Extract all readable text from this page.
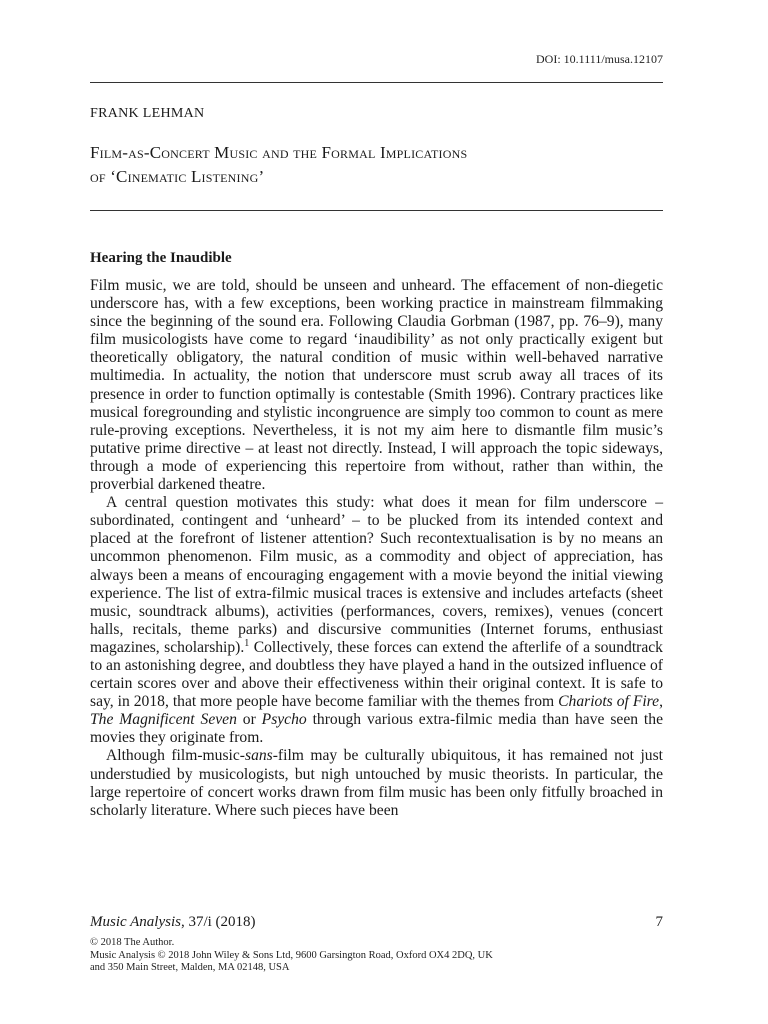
DOI: 10.1111/musa.12107
FRANK LEHMAN
Film-as-Concert Music and the Formal Implications
of ‘Cinematic Listening’
Hearing the Inaudible

Film music, we are told, should be unseen and unheard. The effacement of non-diegetic underscore has, with a few exceptions, been working practice in mainstream filmmaking since the beginning of the sound era. Following Claudia Gorbman (1987, pp. 76–9), many film musicologists have come to regard ‘inaudibility’ as not only practically exigent but theoretically obligatory, the natural condition of music within well-behaved narrative multimedia. In actuality, the notion that underscore must scrub away all traces of its presence in order to function optimally is contestable (Smith 1996). Contrary practices like musical foregrounding and stylistic incongruence are simply too common to count as mere rule-proving exceptions. Nevertheless, it is not my aim here to dismantle film music’s putative prime directive – at least not directly. Instead, I will approach the topic sideways, through a mode of experiencing this repertoire from without, rather than within, the proverbial darkened theatre.

A central question motivates this study: what does it mean for film underscore – subordinated, contingent and ‘unheard’ – to be plucked from its intended context and placed at the forefront of listener attention? Such recontextualisation is by no means an uncommon phenomenon. Film music, as a commodity and object of appreciation, has always been a means of encouraging engagement with a movie beyond the initial viewing experience. The list of extra-filmic musical traces is extensive and includes artefacts (sheet music, soundtrack albums), activities (performances, covers, remixes), venues (concert halls, recitals, theme parks) and discursive communities (Internet forums, enthusiast magazines, scholarship).$^1$ Collectively, these forces can extend the afterlife of a soundtrack to an astonishing degree, and doubtless they have played a hand in the outsized influence of certain scores over and above their effectiveness within their original context. It is safe to say, in 2018, that more people have become familiar with the themes from Chariots of Fire, The Magnificent Seven or Psycho through various extra-filmic media than have seen the movies they originate from.

Although film-music-sans-film may be culturally ubiquitous, it has remained not just understudied by musicologists, but nigh untouched by music theorists. In particular, the large repertoire of concert works drawn from film music has been only fitfully broached in scholarly literature. Where such pieces have been

Music Analysis, 37/i (2018)	7
© 2018 The Author.
Music Analysis © 2018 John Wiley & Sons Ltd, 9600 Garsington Road, Oxford OX4 2DQ, UK
and 350 Main Street, Malden, MA 02148, USA
